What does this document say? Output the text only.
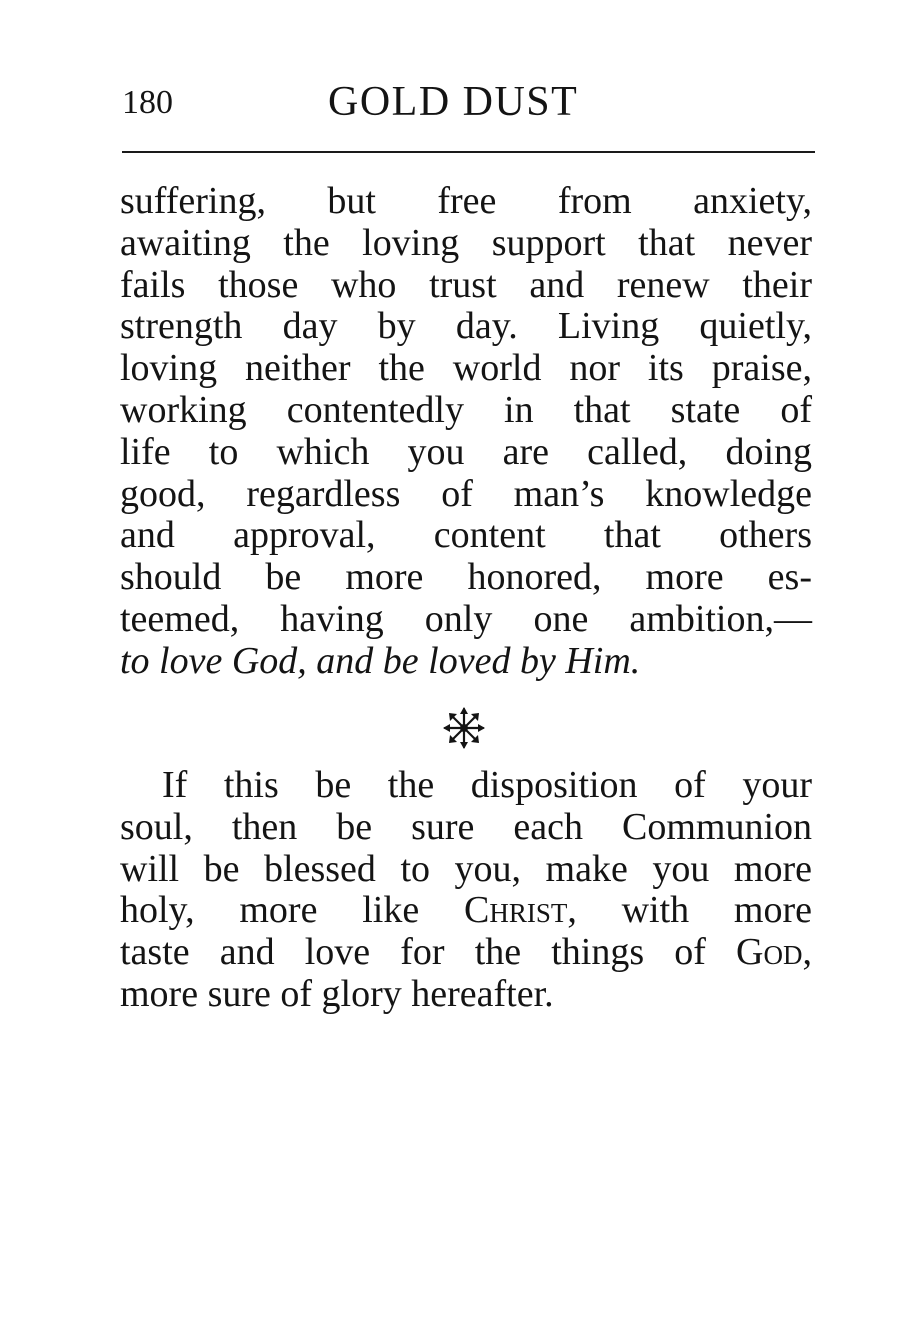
180	GOLD DUST
suffering, but free from anxiety,
awaiting the loving support that never
fails those who trust and renew their
strength day by day. Living quietly,
loving neither the world nor its praise,
working contentedly in that state of
life to which you are called, doing
good, regardless of man’s knowledge
and approval, content that others
should be more honored, more es-
teemed, having only one ambition,—
to love God, and be loved by Him.
If this be the disposition of your
soul, then be sure each Communion
will be blessed to you, make you more
holy, more like Christ, with more
taste and love for the things of God,
more sure of glory hereafter.
